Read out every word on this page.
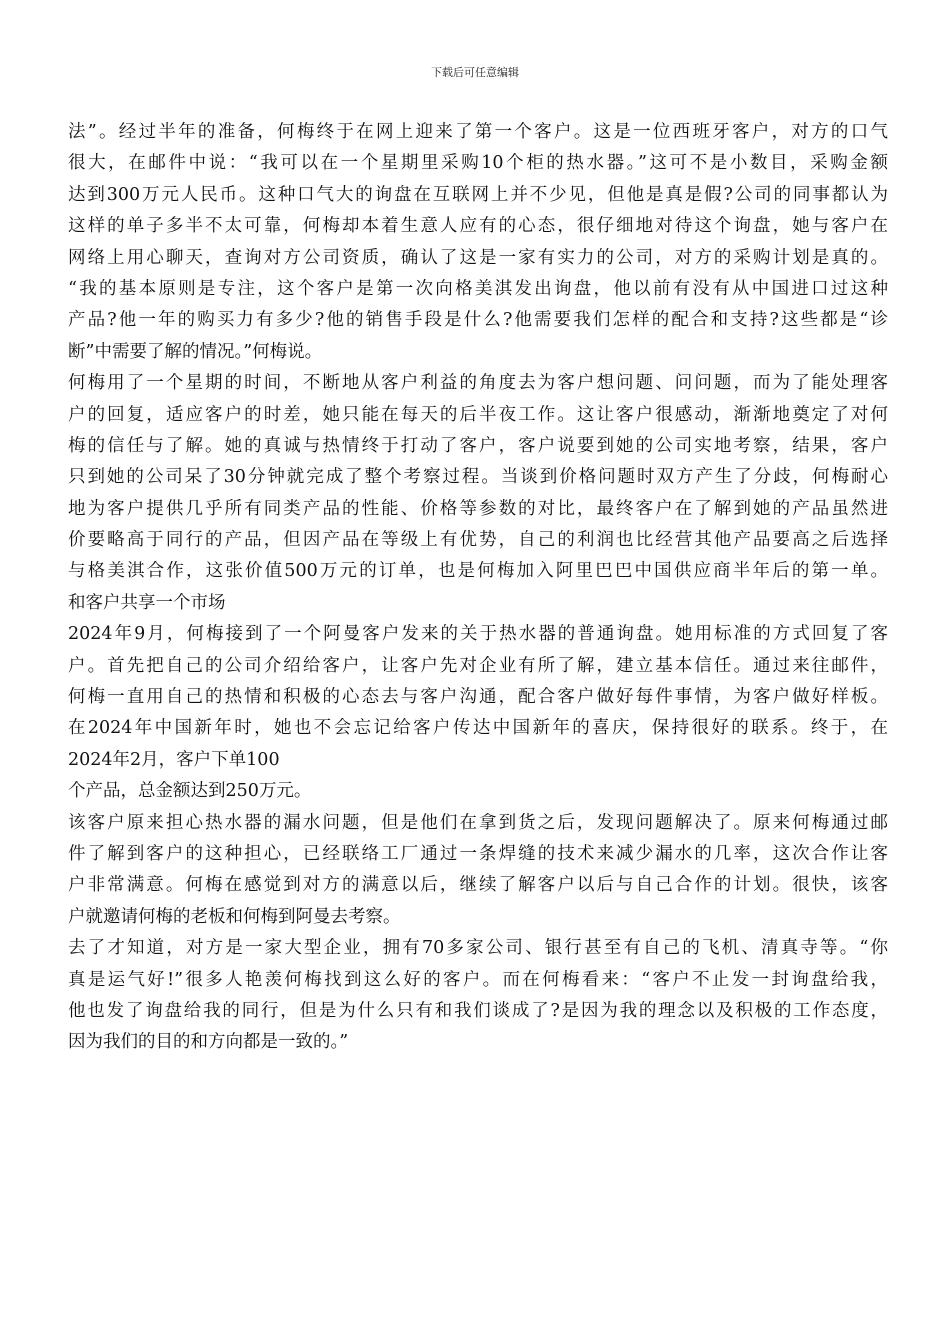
下载后可任意编辑
法”。经过半年的准备，何梅终于在网上迎来了第一个客户。这是一位西班牙客户，对方的口气
很大，在邮件中说：“我可以在一个星期里采购10个柜的热水器。”这可不是小数目，采购金额
达到300万元人民币。这种口气大的询盘在互联网上并不少见，但他是真是假?公司的同事都认为
这样的单子多半不太可靠，何梅却本着生意人应有的心态，很仔细地对待这个询盘，她与客户在
网络上用心聊天，查询对方公司资质，确认了这是一家有实力的公司，对方的采购计划是真的。
“我的基本原则是专注，这个客户是第一次向格美淇发出询盘，他以前有没有从中国进口过这种
产品?他一年的购买力有多少?他的销售手段是什么?他需要我们怎样的配合和支持?这些都是“诊
断”中需要了解的情况。”何梅说。
何梅用了一个星期的时间，不断地从客户利益的角度去为客户想问题、问问题，而为了能处理客
户的回复，适应客户的时差，她只能在每天的后半夜工作。这让客户很感动，渐渐地奠定了对何
梅的信任与了解。她的真诚与热情终于打动了客户，客户说要到她的公司实地考察，结果，客户
只到她的公司呆了30分钟就完成了整个考察过程。当谈到价格问题时双方产生了分歧，何梅耐心
地为客户提供几乎所有同类产品的性能、价格等参数的对比，最终客户在了解到她的产品虽然进
价要略高于同行的产品，但因产品在等级上有优势，自己的利润也比经营其他产品要高之后选择
与格美淇合作，这张价值500万元的订单，也是何梅加入阿里巴巴中国供应商半年后的第一单。
和客户共享一个市场
2024年9月，何梅接到了一个阿曼客户发来的关于热水器的普通询盘。她用标准的方式回复了客
户。首先把自己的公司介绍给客户，让客户先对企业有所了解，建立基本信任。通过来往邮件，
何梅一直用自己的热情和积极的心态去与客户沟通，配合客户做好每件事情，为客户做好样板。
在2024年中国新年时，她也不会忘记给客户传达中国新年的喜庆，保持很好的联系。终于，在
2024年2月，客户下单100
个产品，总金额达到250万元。
该客户原来担心热水器的漏水问题，但是他们在拿到货之后，发现问题解决了。原来何梅通过邮
件了解到客户的这种担心，已经联络工厂通过一条焊缝的技术来减少漏水的几率，这次合作让客
户非常满意。何梅在感觉到对方的满意以后，继续了解客户以后与自己合作的计划。很快，该客
户就邀请何梅的老板和何梅到阿曼去考察。
去了才知道，对方是一家大型企业，拥有70多家公司、银行甚至有自己的飞机、清真寺等。“你
真是运气好!”很多人艳羡何梅找到这么好的客户。而在何梅看来：“客户不止发一封询盘给我，
他也发了询盘给我的同行，但是为什么只有和我们谈成了?是因为我的理念以及积极的工作态度，
因为我们的目的和方向都是一致的。”
